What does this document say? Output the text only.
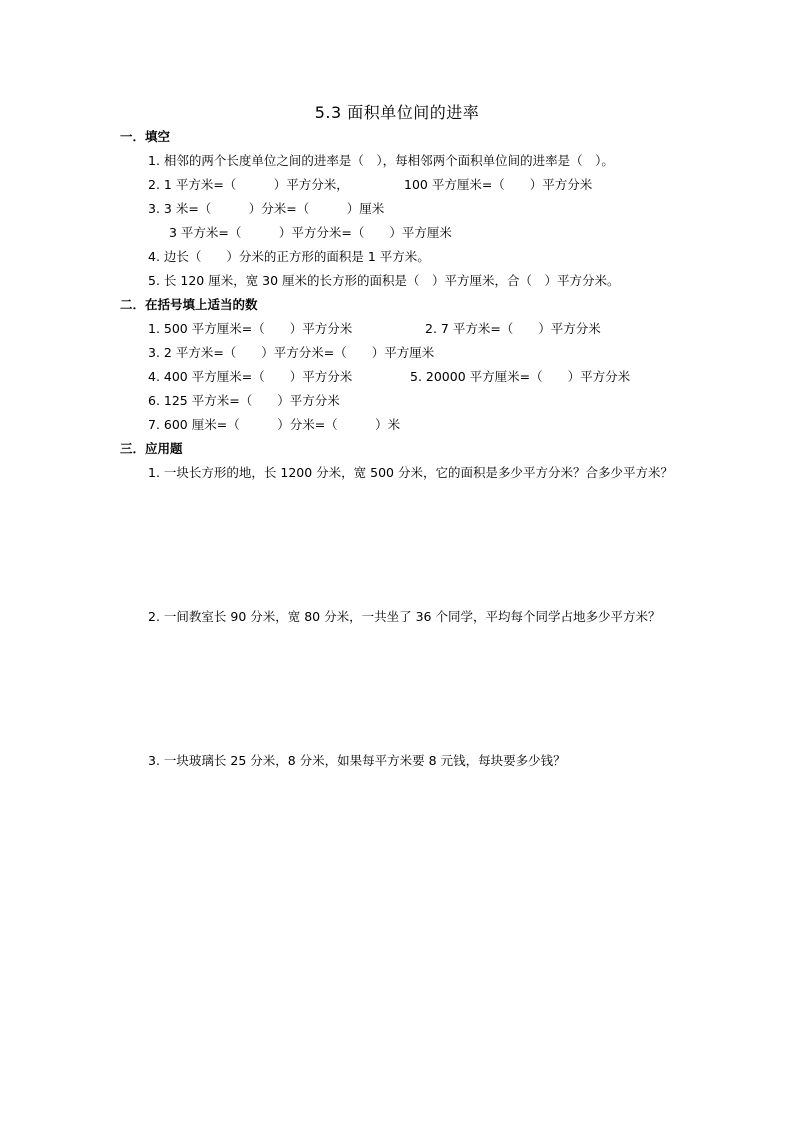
5.3 面积单位间的进率
一．填空
1. 相邻的两个长度单位之间的进率是（　），每相邻两个面积单位间的进率是（　）。
2. 1 平方米=（　　　）平方分米，	100 平方厘米=（　　）平方分米
3. 3 米=（　　　）分米=（　　　）厘米
3 平方米=（　　　）平方分米=（　　）平方厘米
4. 边长（　　）分米的正方形的面积是 1 平方米。
5. 长 120 厘米，宽 30 厘米的长方形的面积是（　）平方厘米，合（　）平方分米。
二．在括号填上适当的数
1. 500 平方厘米=（　　）平方分米	2. 7 平方米=（　　）平方分米
3. 2 平方米=（　　）平方分米=（　　）平方厘米
4. 400 平方厘米=（　　）平方分米	5. 20000 平方厘米=（　　）平方分米
6. 125 平方米=（　　）平方分米
7. 600 厘米=（　　　）分米=（　　　）米
三．应用题
1. 一块长方形的地，长 1200 分米，宽 500 分米，它的面积是多少平方分米？合多少平方米？
2. 一间教室长 90 分米，宽 80 分米，一共坐了 36 个同学，平均每个同学占地多少平方米？
3. 一块玻璃长 25 分米，8 分米，如果每平方米要 8 元钱，每块要多少钱？
